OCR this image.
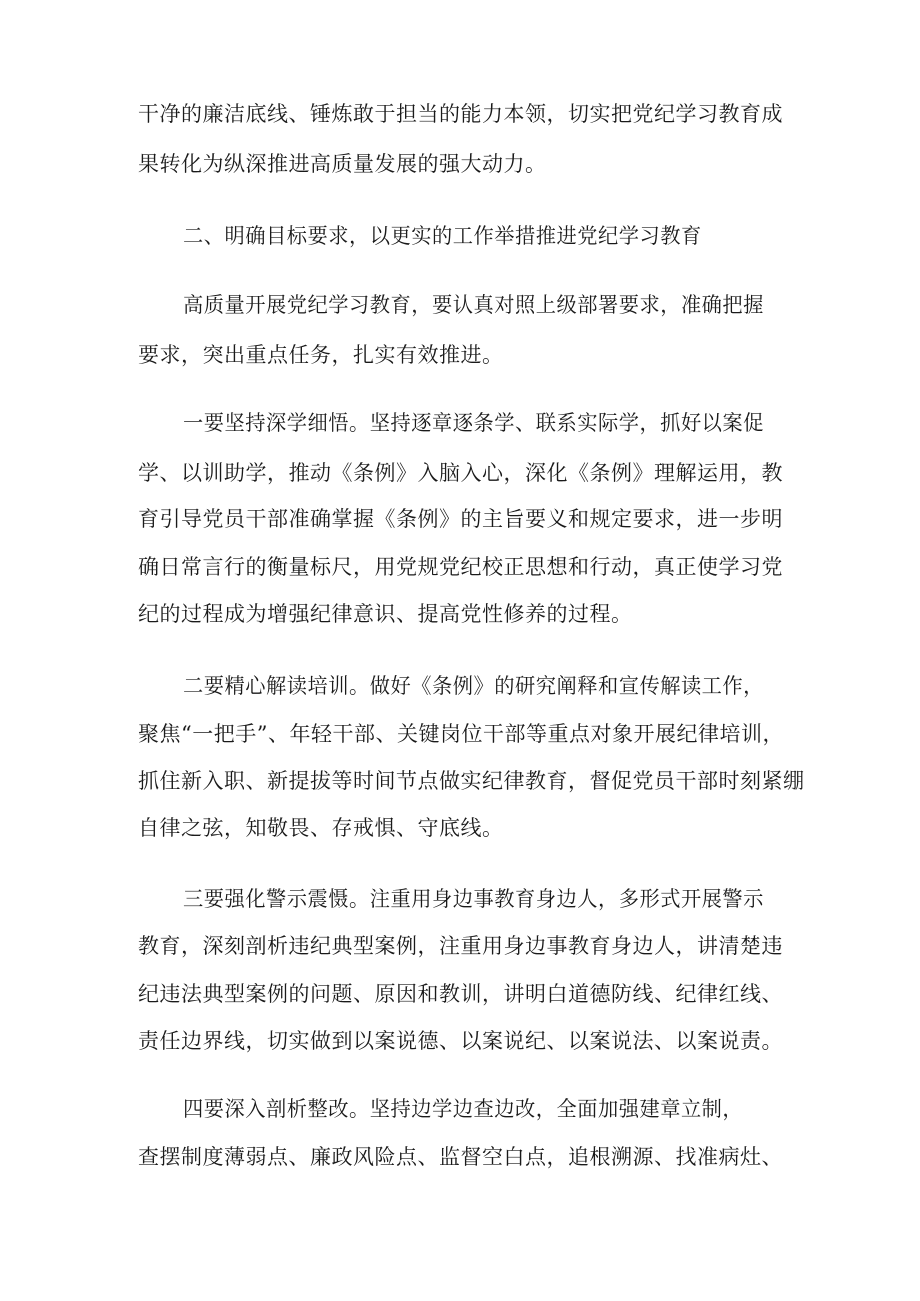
干净的廉洁底线、锤炼敢于担当的能力本领，切实把党纪学习教育成
果转化为纵深推进高质量发展的强大动力。
二、明确目标要求，以更实的工作举措推进党纪学习教育
高质量开展党纪学习教育，要认真对照上级部署要求，准确把握
要求，突出重点任务，扎实有效推进。
一要坚持深学细悟。坚持逐章逐条学、联系实际学，抓好以案促
学、以训助学，推动《条例》入脑入心，深化《条例》理解运用，教
育引导党员干部准确掌握《条例》的主旨要义和规定要求，进一步明
确日常言行的衡量标尺，用党规党纪校正思想和行动，真正使学习党
纪的过程成为增强纪律意识、提高党性修养的过程。
二要精心解读培训。做好《条例》的研究阐释和宣传解读工作，
聚焦“一把手”、年轻干部、关键岗位干部等重点对象开展纪律培训，
抓住新入职、新提拔等时间节点做实纪律教育，督促党员干部时刻紧绷
自律之弦，知敬畏、存戒惧、守底线。
三要强化警示震慑。注重用身边事教育身边人，多形式开展警示
教育，深刻剖析违纪典型案例，注重用身边事教育身边人，讲清楚违
纪违法典型案例的问题、原因和教训，讲明白道德防线、纪律红线、
责任边界线，切实做到以案说德、以案说纪、以案说法、以案说责。
四要深入剖析整改。坚持边学边查边改，全面加强建章立制，
查摆制度薄弱点、廉政风险点、监督空白点，追根溯源、找准病灶、
